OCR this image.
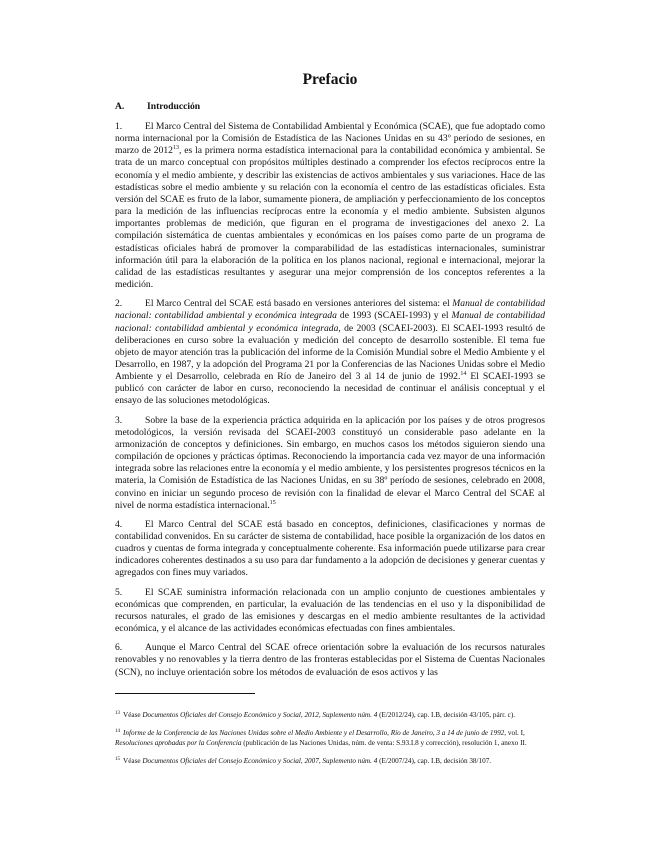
Prefacio
A.	Introducción

1. El Marco Central del Sistema de Contabilidad Ambiental y Económica (SCAE), que fue adoptado como norma internacional por la Comisión de Estadística de las Naciones Unidas en su 43º período de sesiones, en marzo de 2012$^{13}$, es la primera norma estadística internacional para la contabilidad económica y ambiental. Se trata de un marco conceptual con propósitos múltiples destinado a comprender los efectos recíprocos entre la economía y el medio ambiente, y describir las existencias de activos ambientales y sus variaciones. Hace de las estadísticas sobre el medio ambiente y su relación con la economía el centro de las estadísticas oficiales. Esta versión del SCAE es fruto de la labor, sumamente pionera, de ampliación y perfeccionamiento de los conceptos para la medición de las influencias recíprocas entre la economía y el medio ambiente. Subsisten algunos importantes problemas de medición, que figuran en el programa de investigaciones del anexo 2. La compilación sistemática de cuentas ambientales y económicas en los países como parte de un programa de estadísticas oficiales habrá de promover la comparabilidad de las estadísticas internacionales, suministrar información útil para la elaboración de la política en los planos nacional, regional e internacional, mejorar la calidad de las estadísticas resultantes y asegurar una mejor comprensión de los conceptos referentes a la medición.

2. El Marco Central del SCAE está basado en versiones anteriores del sistema: el Manual de contabilidad nacional: contabilidad ambiental y económica integrada de 1993 (SCAEI-1993) y el Manual de contabilidad nacional: contabilidad ambiental y económica integrada, de 2003 (SCAEI-2003). El SCAEI-1993 resultó de deliberaciones en curso sobre la evaluación y medición del concepto de desarrollo sostenible. El tema fue objeto de mayor atención tras la publicación del informe de la Comisión Mundial sobre el Medio Ambiente y el Desarrollo, en 1987, y la adopción del Programa 21 por la Conferencias de las Naciones Unidas sobre el Medio Ambiente y el Desarrollo, celebrada en Río de Janeiro del 3 al 14 de junio de 1992.14 El SCAEI-1993 se publicó con carácter de labor en curso, reconociendo la necesidad de continuar el análisis conceptual y el ensayo de las soluciones metodológicas.

3. Sobre la base de la experiencia práctica adquirida en la aplicación por los países y de otros progresos metodológicos, la versión revisada del SCAEI-2003 constituyó un considerable paso adelante en la armonización de conceptos y definiciones. Sin embargo, en muchos casos los métodos siguieron siendo una compilación de opciones y prácticas óptimas. Reconociendo la importancia cada vez mayor de una información integrada sobre las relaciones entre la economía y el medio ambiente, y los persistentes progresos técnicos en la materia, la Comisión de Estadística de las Naciones Unidas, en su 38º período de sesiones, celebrado en 2008, convino en iniciar un segundo proceso de revisión con la finalidad de elevar el Marco Central del SCAE al nivel de norma estadística internacional.$^{15}$

4. El Marco Central del SCAE está basado en conceptos, definiciones, clasificaciones y normas de contabilidad convenidos. En su carácter de sistema de contabilidad, hace posible la organización de los datos en cuadros y cuentas de forma integrada y conceptualmente coherente. Esa información puede utilizarse para crear indicadores coherentes destinados a su uso para dar fundamento a la adopción de decisiones y generar cuentas y agregados con fines muy variados.

5. El SCAE suministra información relacionada con un amplio conjunto de cuestiones ambientales y económicas que comprenden, en particular, la evaluación de las tendencias en el uso y la disponibilidad de recursos naturales, el grado de las emisiones y descargas en el medio ambiente resultantes de la actividad económica, y el alcance de las actividades económicas efectuadas con fines ambientales.

6. Aunque el Marco Central del SCAE ofrece orientación sobre la evaluación de los recursos naturales renovables y no renovables y la tierra dentro de las fronteras establecidas por el Sistema de Cuentas Nacionales (SCN), no incluye orientación sobre los métodos de evaluación de esos activos y las

$^{13}$ Véase Documentos Oficiales del Consejo Económico y Social, 2012, Suplemento núm. 4 (E/2012/24), cap. I.B, decisión 43/105, párr. c).

$^{14}$ Informe de la Conferencia de las Naciones Unidas sobre el Medio Ambiente y el Desarrollo, Río de Janeiro, 3 a 14 de junio de 1992, vol. I, Resoluciones aprobadas por la Conferencia (publicación de las Naciones Unidas, núm. de venta: S.93.I.8 y corrección), resolución 1, anexo II.

$^{15}$ Véase Documentos Oficiales del Consejo Económico y Social, 2007, Suplemento núm. 4 (E/2007/24), cap. I.B, decisión 38/107.
